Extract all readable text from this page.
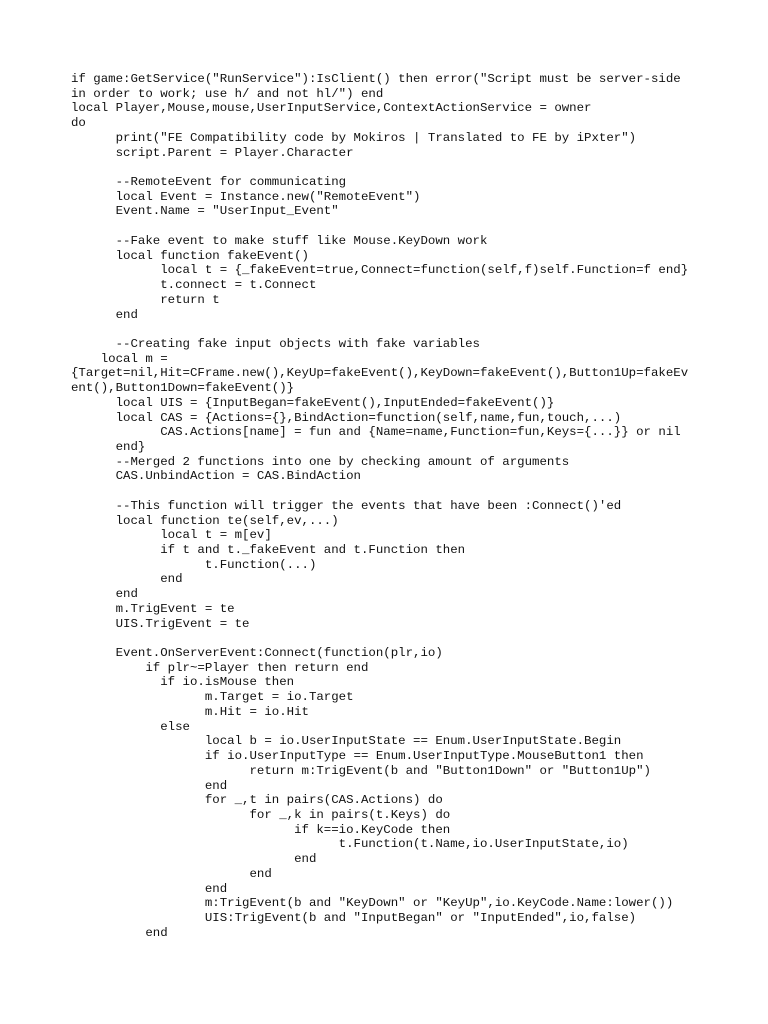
if game:GetService("RunService"):IsClient() then error("Script must be server-side
in order to work; use h/ and not hl/") end
local Player,Mouse,mouse,UserInputService,ContextActionService = owner
do
print("FE Compatibility code by Mokiros | Translated to FE by iPxter")
script.Parent = Player.Character

--RemoteEvent for communicating
local Event = Instance.new("RemoteEvent")
Event.Name = "UserInput_Event"

--Fake event to make stuff like Mouse.KeyDown work
local function fakeEvent()
local t = {_fakeEvent=true,Connect=function(self,f)self.Function=f end}
t.connect = t.Connect
return t
end

--Creating fake input objects with fake variables
local m =
{Target=nil,Hit=CFrame.new(),KeyUp=fakeEvent(),KeyDown=fakeEvent(),Button1Up=fakeEv
ent(),Button1Down=fakeEvent()}
local UIS = {InputBegan=fakeEvent(),InputEnded=fakeEvent()}
local CAS = {Actions={},BindAction=function(self,name,fun,touch,...)
CAS.Actions[name] = fun and {Name=name,Function=fun,Keys={...}} or nil
end}
--Merged 2 functions into one by checking amount of arguments
CAS.UnbindAction = CAS.BindAction

--This function will trigger the events that have been :Connect()'ed
local function te(self,ev,...)
local t = m[ev]
if t and t._fakeEvent and t.Function then
t.Function(...)
end
end
m.TrigEvent = te
UIS.TrigEvent = te

Event.OnServerEvent:Connect(function(plr,io)
if plr~=Player then return end
if io.isMouse then
m.Target = io.Target
m.Hit = io.Hit
else
local b = io.UserInputState == Enum.UserInputState.Begin
if io.UserInputType == Enum.UserInputType.MouseButton1 then
return m:TrigEvent(b and "Button1Down" or "Button1Up")
end
for _,t in pairs(CAS.Actions) do
for _,k in pairs(t.Keys) do
if k==io.KeyCode then
t.Function(t.Name,io.UserInputState,io)
end
end
end
m:TrigEvent(b and "KeyDown" or "KeyUp",io.KeyCode.Name:lower())
UIS:TrigEvent(b and "InputBegan" or "InputEnded",io,false)
end
